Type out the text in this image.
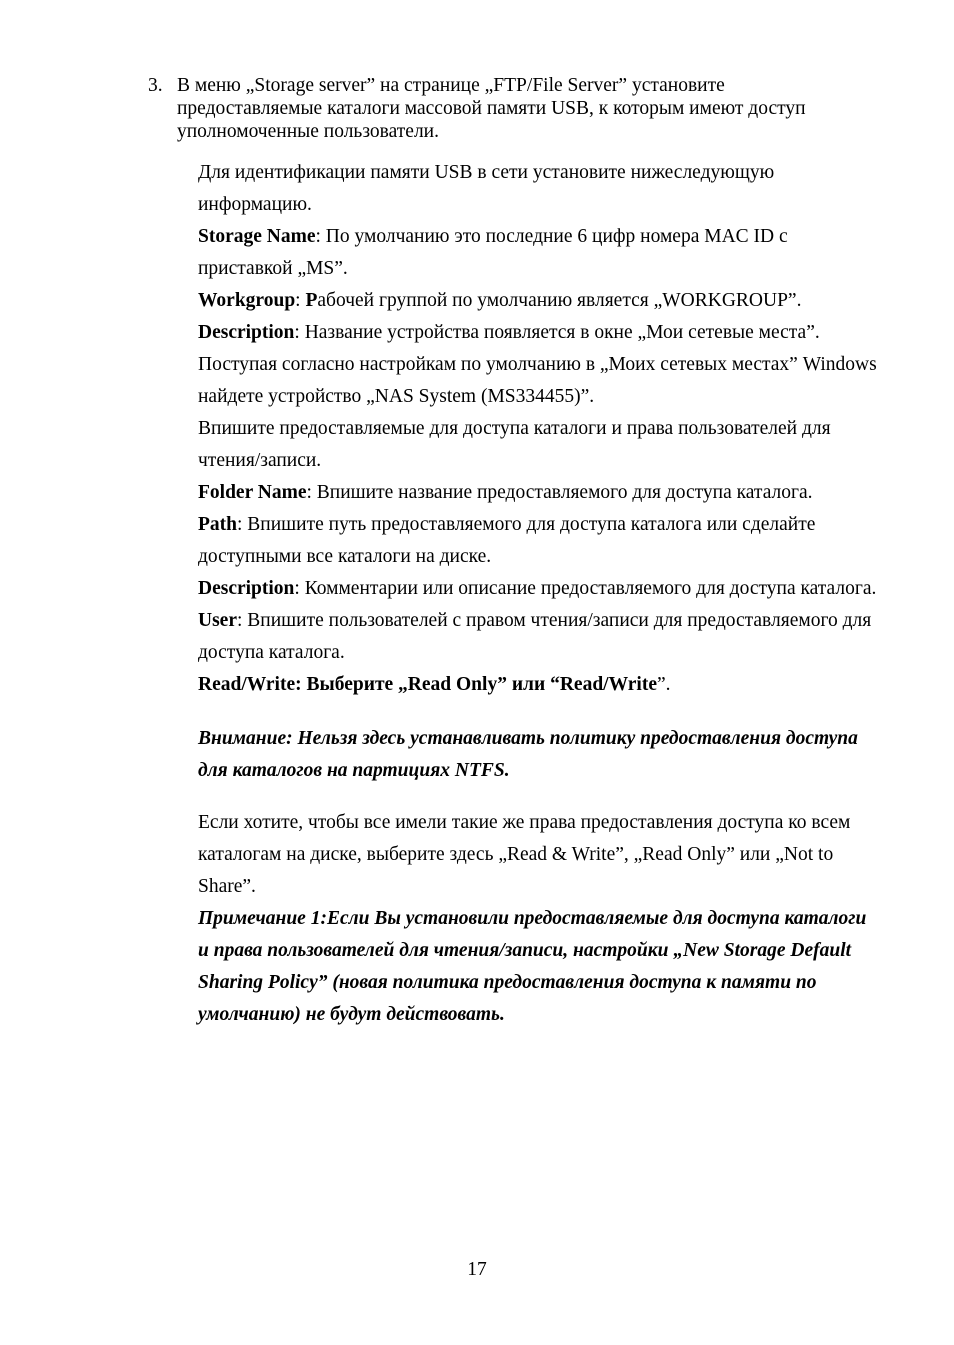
3. В меню „Storage server” на странице „FTP/File Server” установите предоставляемые каталоги массовой памяти USB, к которым имеют доступ уполномоченные пользователи.

Для идентификации памяти USB в сети установите нижеследующую информацию.

Storage Name: По умолчанию это последние 6 цифр номера MAC ID с приставкой „MS”.

Workgroup: Рабочей группой по умолчанию является „WORKGROUP”.

Description: Название устройства появляется в окне „Мои сетевые места”.

Поступая согласно настройкам по умолчанию в „Моих сетевых местах” Windows найдете устройство „NAS System (MS334455)”.

Впишите предоставляемые для доступа каталоги и права пользователей для чтения/записи.

Folder Name: Впишите название предоставляемого для доступа каталога.

Path: Впишите путь предоставляемого для доступа каталога или сделайте доступными все каталоги на диске.

Description: Комментарии или описание предоставляемого для доступа каталога.

User: Впишите пользователей с правом чтения/записи для предоставляемого для доступа каталога.

Read/Write: Выберите „Read Only” или “Read/Write”.

Внимание: Нельзя здесь устанавливать политику предоставления доступа для каталогов на партициях NTFS.

Если хотите, чтобы все имели такие же права предоставления доступа ко всем каталогам на диске, выберите здесь „Read & Write”, „Read Only” или „Not to Share”.

Примечание 1:Если Вы установили предоставляемые для доступа каталоги и права пользователей для чтения/записи, настройки „New Storage Default Sharing Policy” (новая политика предоставления доступа к памяти по умолчанию) не будут действовать.

17
